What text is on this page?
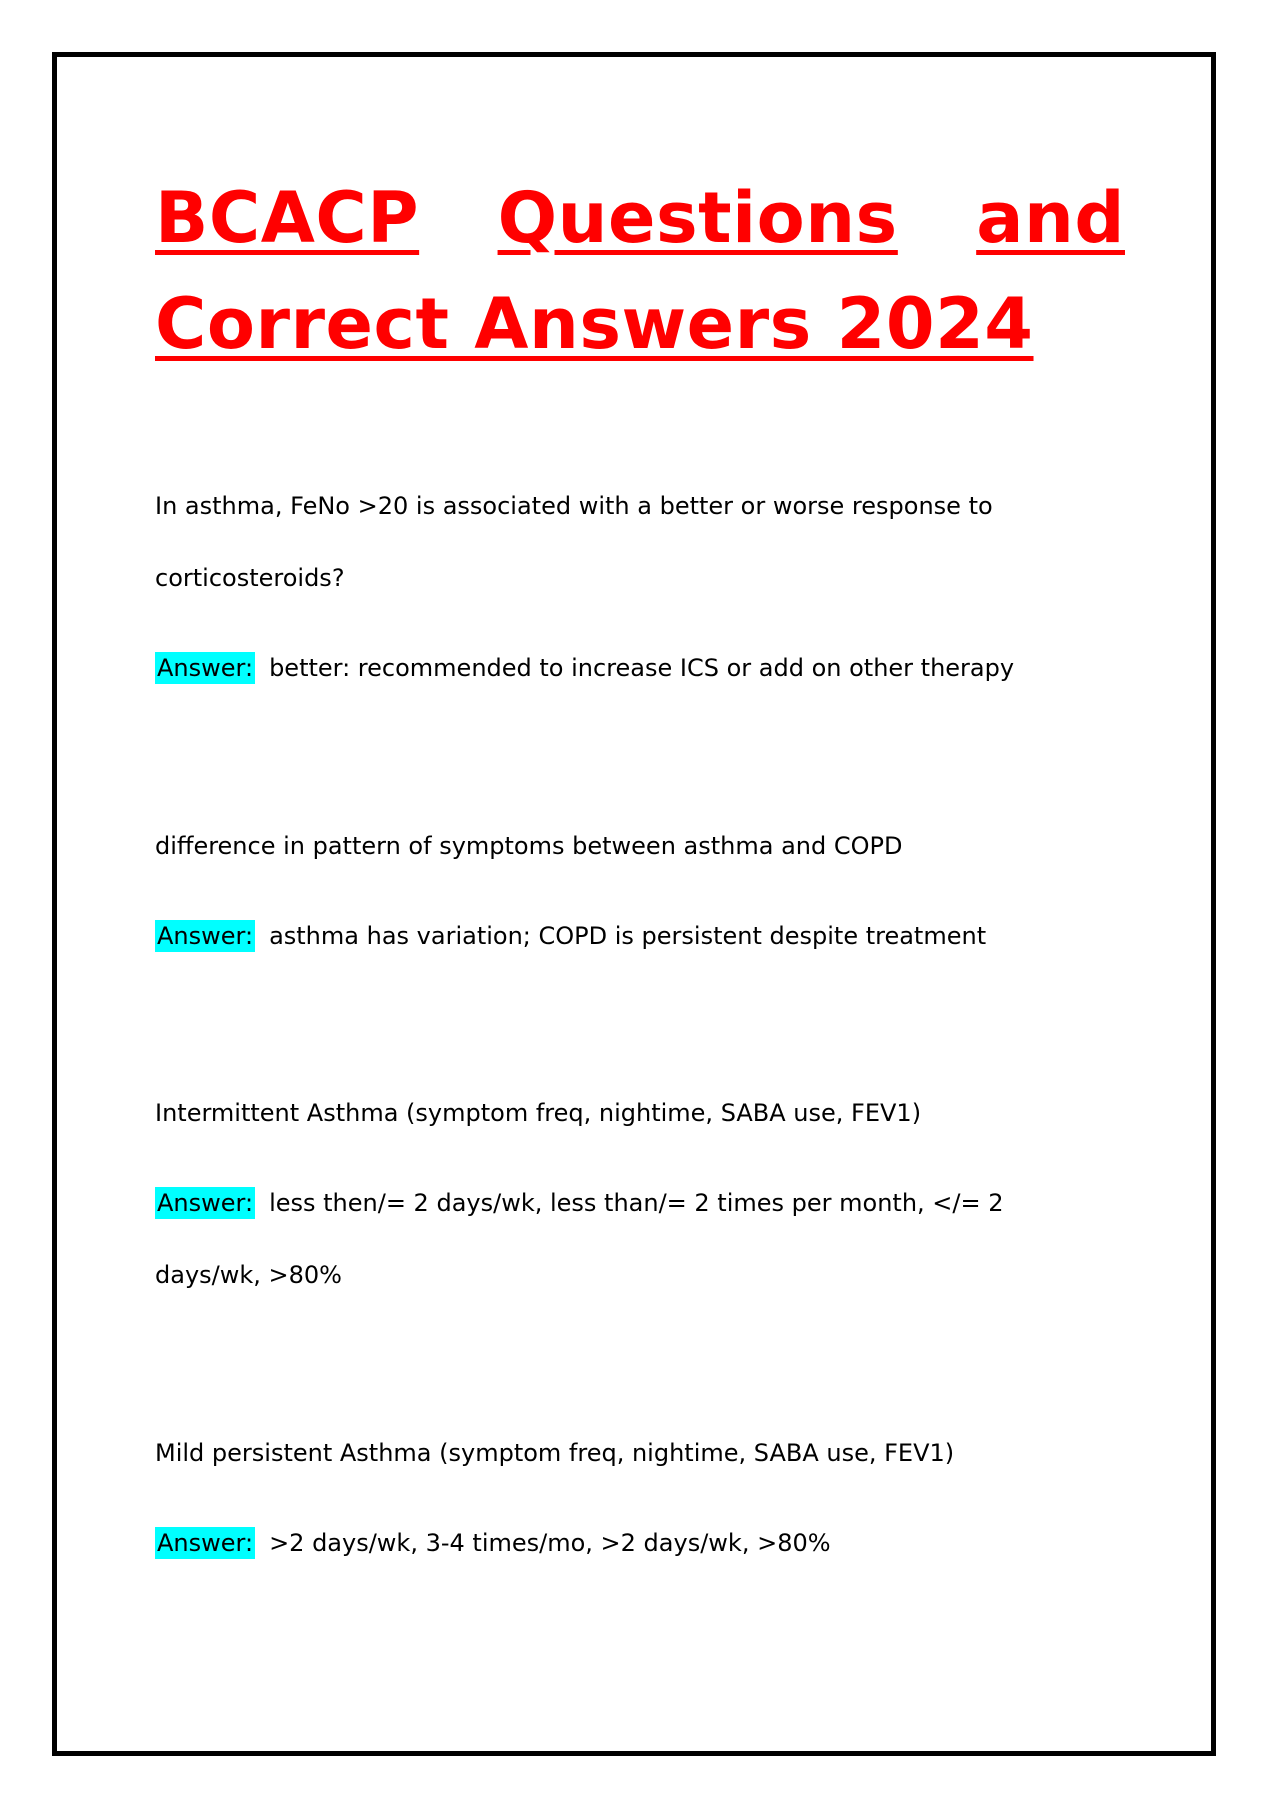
BCACP Questions and
Correct Answers 2024

In asthma, FeNo >20 is associated with a better or worse response to corticosteroids?

Answer: better: recommended to increase ICS or add on other therapy

difference in pattern of symptoms between asthma and COPD

Answer: asthma has variation; COPD is persistent despite treatment

Intermittent Asthma (symptom freq, nightime, SABA use, FEV1)

Answer: less then/= 2 days/wk, less than/= 2 times per month, </= 2 days/wk, >80%

Mild persistent Asthma (symptom freq, nightime, SABA use, FEV1)

Answer: >2 days/wk, 3-4 times/mo, >2 days/wk, >80%
